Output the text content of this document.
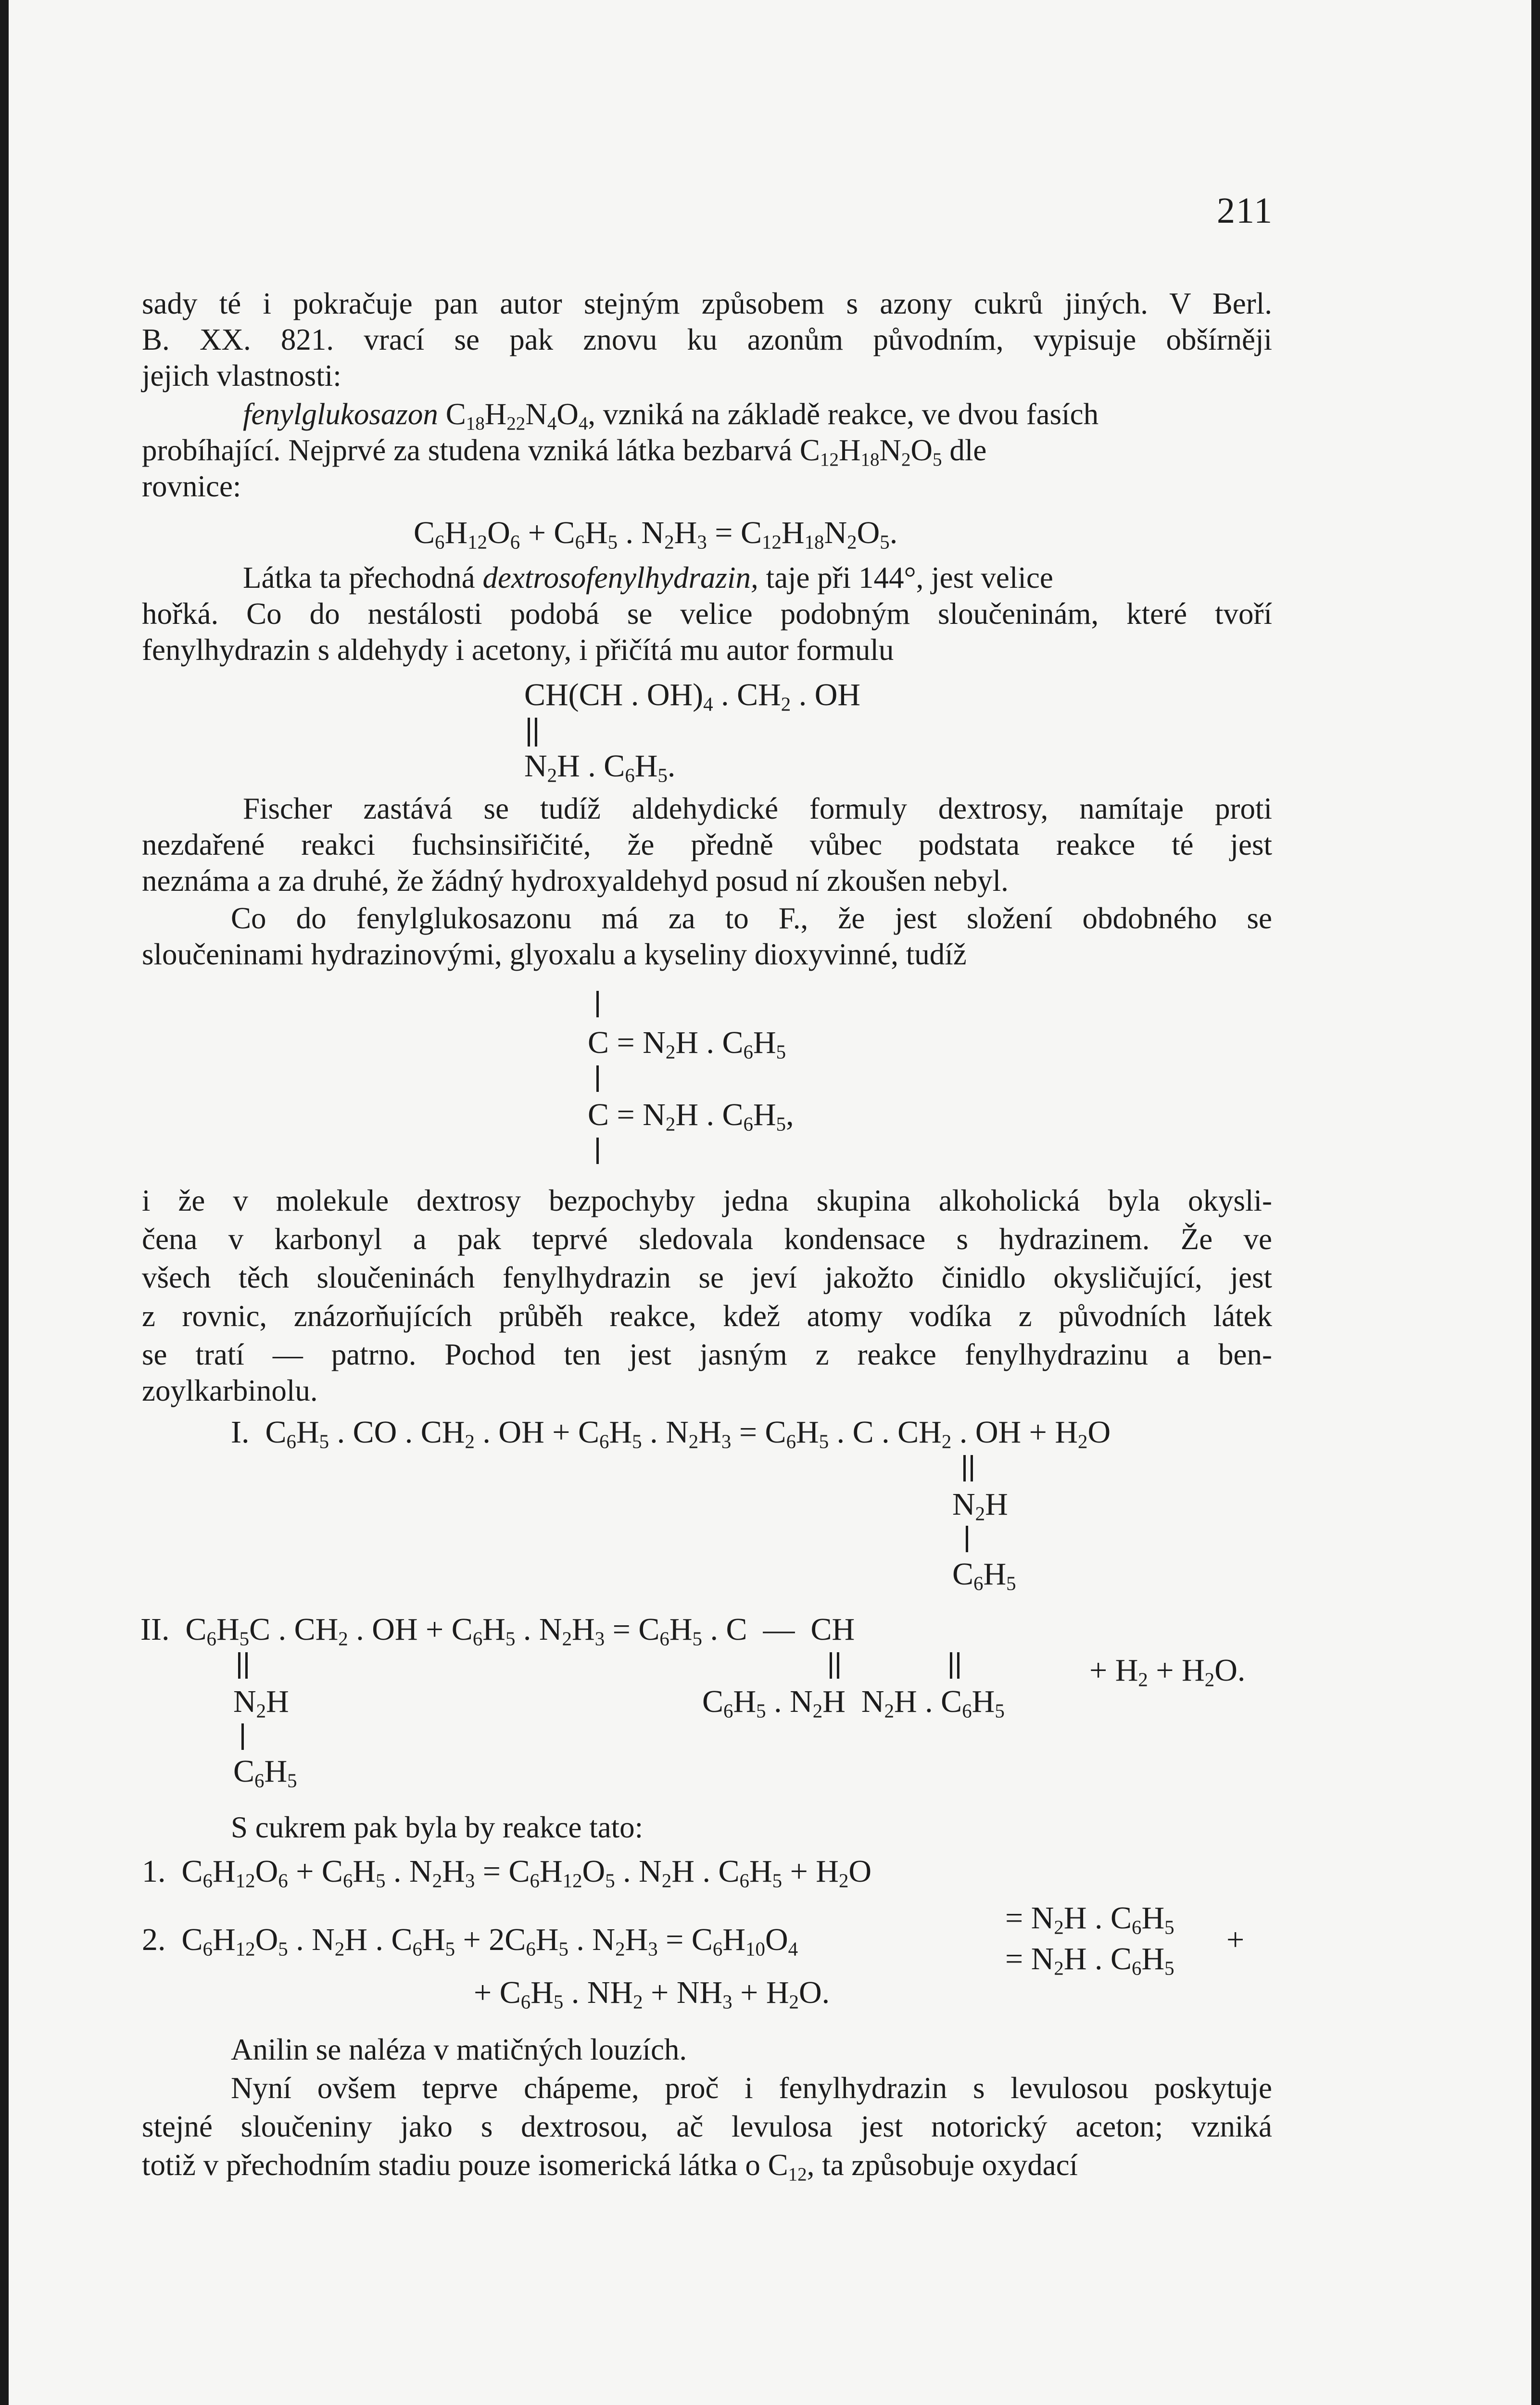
211
sady té i pokračuje pan autor stejným způsobem s azony cukrů jiných. V Berl.
B. XX. 821. vrací se pak znovu ku azonům původním, vypisuje obšírněji
jejich vlastnosti:
fenylglukosazon $C_{18}H_{22}N_4O_4$, vzniká na základě reakce, ve dvou fasích
probíhající. Nejprvé za studena vzniká látka bezbarvá $C_{12}H_{18}N_2O_5$ dle
rovnice:
$C_6H_{12}O_6 + C_6H_5$ . $N_2H_3 = C_{12}H_{18}N_2O_5$.
Látka ta přechodná dextrosofenylhydrazin, taje při 144°, jest velice
hořká. Co do nestálosti podobá se velice podobným sloučeninám, které tvoří
fenylhydrazin s aldehydy i acetony, i přičítá mu autor formulu
CH(CH . $OH)_4$ . $CH_2$ . OH
$N_2H$ . $C_6H_5$.
Fischer zastává se tudíž aldehydické formuly dextrosy, namítaje proti
nezdařené reakci fuchsinsiřičité, že předně vůbec podstata reakce té jest
neznáma a za druhé, že žádný hydroxyaldehyd posud ní zkoušen nebyl.
Co do fenylglukosazonu má za to F., že jest složení obdobného se
sloučeninami hydrazinovými, glyoxalu a kyseliny dioxyvinné, tudíž
$C = N_2H$ . $C_6H_5$
$C = N_2H$ . $C_6H_5$,
i že v molekule dextrosy bezpochyby jedna skupina alkoholická byla okysli-
čena v karbonyl a pak teprvé sledovala kondensace s hydrazinem. Že ve
všech těch sloučeninách fenylhydrazin se jeví jakožto činidlo okysličující, jest
z rovnic, znázorňujících průběh reakce, kdež atomy vodíka z původních látek
se tratí — patrno. Pochod ten jest jasným z reakce fenylhydrazinu a ben-
zoylkarbinolu.
I.  $C_6H_5$ . CO . $CH_2$ . OH + $C_6H_5$ . $N_2H_3 = C_6H_5$ . C . $CH_2$ . OH + $H_2O$
$N_2H$
$C_6H_5$
II.  $C_6H_5C$ . $CH_2$ . OH + $C_6H_5$ . $N_2H_3 = C_6H_5$ . C  —  CH
+ $H_2 + H_2O$.
$N_2H$	$C_6H_5$ . $N_2H$  $N_2H$ . $C_6H_5$
$C_6H_5$
S cukrem pak byla by reakce tato:
1.  $C_6H_{12}O_6 + C_6H_5$ . $N_2H_3 = C_6H_{12}O_5$ . $N_2H$ . $C_6H_5 + H_2O$
2.  $C_6H_{12}O_5$ . $N_2H$ . $C_6H_5 + 2C_6H_5$ . $N_2H_3 = C_6H_{10}O_4$
= $N_2H$ . $C_6H_5$
= $N_2H$ . $C_6H_5$
+
+ $C_6H_5$ . $NH_2 + NH_3 + H_2O$.
Anilin se naléza v matičných louzích.
Nyní ovšem teprve chápeme, proč i fenylhydrazin s levulosou poskytuje
stejné sloučeniny jako s dextrosou, ač levulosa jest notorický aceton; vzniká
totiž v přechodním stadiu pouze isomerická látka o $C_{12}$, ta způsobuje oxydací
